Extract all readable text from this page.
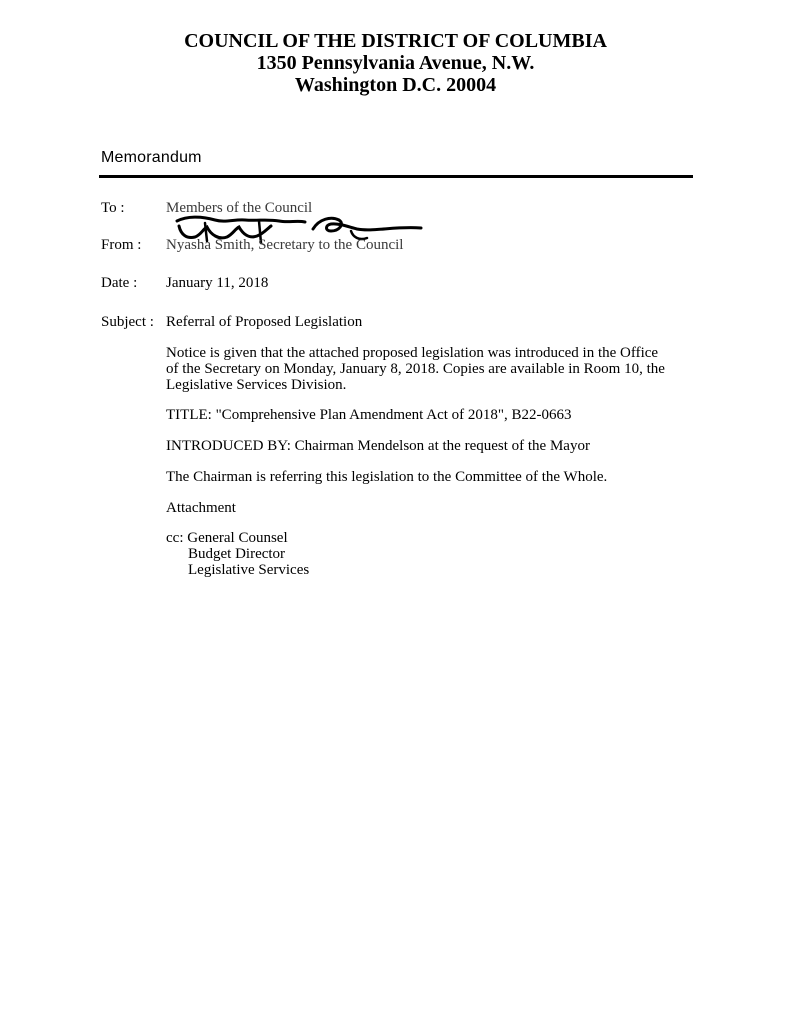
COUNCIL OF THE DISTRICT OF COLUMBIA
1350 Pennsylvania Avenue, N.W.
Washington D.C. 20004
Memorandum
To :	Members of the Council
From : Nyasha Smith, Secretary to the Council
Date : January 11, 2018
Subject : Referral of Proposed Legislation
Notice is given that the attached proposed legislation was introduced in the Office
of the Secretary on Monday, January 8, 2018. Copies are available in Room 10, the
Legislative Services Division.
TITLE: "Comprehensive Plan Amendment Act of 2018", B22-0663
INTRODUCED BY: Chairman Mendelson at the request of the Mayor
The Chairman is referring this legislation to the Committee of the Whole.
Attachment
cc: General Counsel
Budget Director
Legislative Services
